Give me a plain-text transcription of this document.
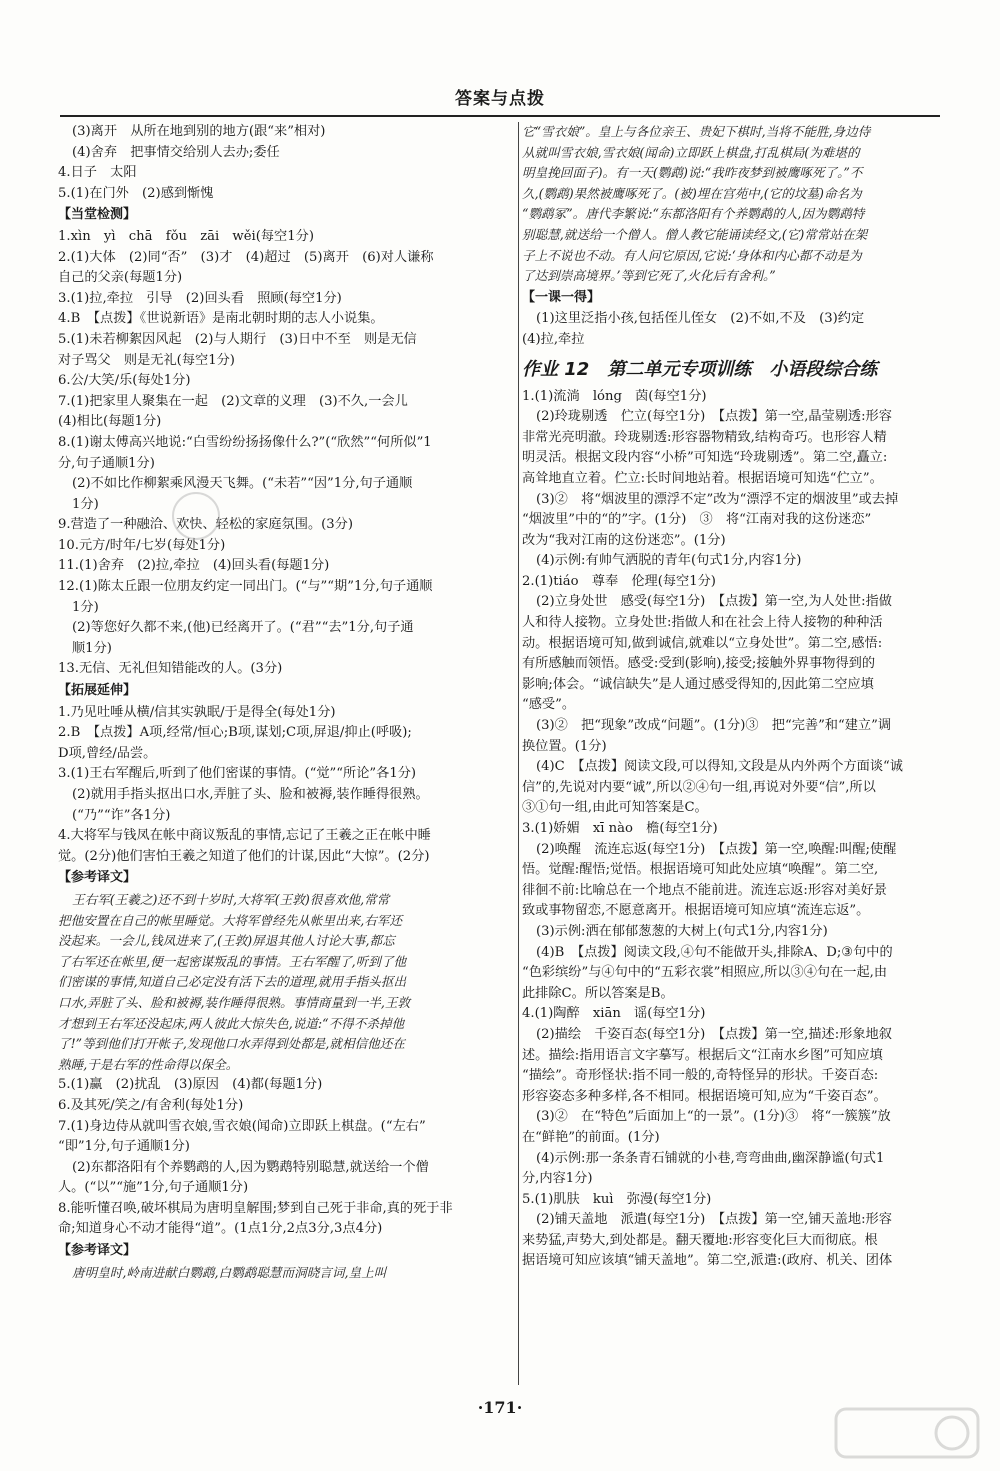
答案与点拨
(3)离开　从所在地到别的地方(跟“来”相对)
(4)舍弃　把事情交给别人去办;委任
4.日子　太阳
5.(1)在门外　(2)感到惭愧
【当堂检测】
1.xìn　yì　chā　fǒu　zāi　wěi(每空1分)
2.(1)大体　(2)同“否”　(3)才　(4)超过　(5)离开　(6)对人谦称
自己的父亲(每题1分)
3.(1)拉,牵拉　引导　(2)回头看　照顾(每空1分)
4.B　【点拨】《世说新语》是南北朝时期的志人小说集。
5.(1)未若柳絮因风起　(2)与人期行　(3)日中不至　则是无信
对子骂父　则是无礼(每空1分)
6.公/大笑/乐(每处1分)
7.(1)把家里人聚集在一起　(2)文章的义理　(3)不久,一会儿
(4)相比(每题1分)
8.(1)谢太傅高兴地说:“白雪纷纷扬扬像什么?”(“欣然”“何所似”1
分,句子通顺1分)
(2)不如比作柳絮乘风漫天飞舞。(“未若”“因”1分,句子通顺
1分)
9.营造了一种融洽、欢快、轻松的家庭氛围。(3分)
10.元方/时年/七岁(每处1分)
11.(1)舍弃　(2)拉,牵拉　(4)回头看(每题1分)
12.(1)陈太丘跟一位朋友约定一同出门。(“与”“期”1分,句子通顺
1分)
(2)等您好久都不来,(他)已经离开了。(“君”“去”1分,句子通
顺1分)
13.无信、无礼但知错能改的人。(3分)
【拓展延伸】
1.乃见吐唾从横/信其实孰眠/于是得全(每处1分)
2.B　【点拨】A项,经常/恒心;B项,谋划;C项,屏退/抑止(呼吸);
D项,曾经/品尝。
3.(1)王右军醒后,听到了他们密谋的事情。(“觉”“所论”各1分)
(2)就用手指头抠出口水,弄脏了头、脸和被褥,装作睡得很熟。
(“乃”“诈”各1分)
4.大将军与钱凤在帐中商议叛乱的事情,忘记了王羲之正在帐中睡
觉。(2分)他们害怕王羲之知道了他们的计谋,因此“大惊”。(2分)
【参考译文】
王右军(王羲之)还不到十岁时,大将军(王敦)很喜欢他,常常
把他安置在自己的帐里睡觉。大将军曾经先从帐里出来,右军还
没起来。一会儿,钱凤进来了,(王敦)屏退其他人讨论大事,都忘
了右军还在帐里,便一起密谋叛乱的事情。王右军醒了,听到了他
们密谋的事情,知道自己必定没有活下去的道理,就用手指头抠出
口水,弄脏了头、脸和被褥,装作睡得很熟。事情商量到一半,王敦
才想到王右军还没起床,两人彼此大惊失色,说道:“不得不杀掉他
了!”等到他们打开帐子,发现他口水弄得到处都是,就相信他还在
熟睡,于是右军的性命得以保全。
5.(1)赢　(2)扰乱　(3)原因　(4)都(每题1分)
6.及其死/笑之/有舍利(每处1分)
7.(1)身边侍从就叫雪衣娘,雪衣娘(闻命)立即跃上棋盘。(“左右”
“即”1分,句子通顺1分)
(2)东都洛阳有个养鹦鹉的人,因为鹦鹉特别聪慧,就送给一个僧
人。(“以”“施”1分,句子通顺1分)
8.能听懂召唤,破坏棋局为唐明皇解围;梦到自己死于非命,真的死于非
命;知道身心不动才能得“道”。(1点1分,2点3分,3点4分)
【参考译文】
唐明皇时,岭南进献白鹦鹉,白鹦鹉聪慧而洞晓言词,皇上叫
它“雪衣娘”。皇上与各位亲王、贵妃下棋时,当将不能胜,身边侍
从就叫雪衣娘,雪衣娘(闻命)立即跃上棋盘,打乱棋局(为难堪的
明皇挽回面子)。有一天(鹦鹉)说:“我昨夜梦到被鹰啄死了。”不
久,(鹦鹉)果然被鹰啄死了。(被)埋在宫苑中,(它的坟墓)命名为
“鹦鹉冢”。唐代李繁说:“东都洛阳有个养鹦鹉的人,因为鹦鹉特
别聪慧,就送给一个僧人。僧人教它能诵读经文,(它)常常站在架
子上不说也不动。有人问它原因,它说:‘身体和内心都不动是为
了达到崇高境界。’等到它死了,火化后有舍利。”
【一课一得】
(1)这里泛指小孩,包括侄儿侄女　(2)不如,不及　(3)约定
(4)拉,牵拉
作业 12　第二单元专项训练　小语段综合练
1.(1)流淌　lóng　茵(每空1分)
(2)玲珑剔透　伫立(每空1分)　【点拨】第一空,晶莹剔透:形容
非常光亮明澈。玲珑剔透:形容器物精致,结构奇巧。也形容人精
明灵活。根据文段内容“小桥”可知选“玲珑剔透”。第二空,矗立:
高耸地直立着。伫立:长时间地站着。根据语境可知选“伫立”。
(3)②　将“烟波里的漂浮不定”改为“漂浮不定的烟波里”或去掉
“烟波里”中的“的”字。(1分)　③　将“江南对我的这份迷恋”
改为“我对江南的这份迷恋”。(1分)
(4)示例:有帅气洒脱的青年(句式1分,内容1分)
2.(1)tiáo　尊奉　伦理(每空1分)
(2)立身处世　感受(每空1分)　【点拨】第一空,为人处世:指做
人和待人接物。立身处世:指做人和在社会上待人接物的种种活
动。根据语境可知,做到诚信,就难以“立身处世”。第二空,感悟:
有所感触而领悟。感受:受到(影响),接受;接触外界事物得到的
影响;体会。“诚信缺失”是人通过感受得知的,因此第二空应填
“感受”。
(3)②　把“现象”改成“问题”。(1分)③　把“完善”和“建立”调
换位置。(1分)
(4)C　【点拨】阅读文段,可以得知,文段是从内外两个方面谈“诚
信”的,先说对内要“诚”,所以②④句一组,再说对外要“信”,所以
③①句一组,由此可知答案是C。
3.(1)娇媚　xī nào　檐(每空1分)
(2)唤醒　流连忘返(每空1分)　【点拨】第一空,唤醒:叫醒;使醒
悟。觉醒:醒悟;觉悟。根据语境可知此处应填“唤醒”。第二空,
徘徊不前:比喻总在一个地点不能前进。流连忘返:形容对美好景
致或事物留恋,不愿意离开。根据语境可知应填“流连忘返”。
(3)示例:洒在郁郁葱葱的大树上(句式1分,内容1分)
(4)B　【点拨】阅读文段,④句不能做开头,排除A、D;③句中的
“色彩缤纷”与④句中的“五彩衣裳”相照应,所以③④句在一起,由
此排除C。所以答案是B。
4.(1)陶醉　xiān　谣(每空1分)
(2)描绘　千姿百态(每空1分)　【点拨】第一空,描述:形象地叙
述。描绘:指用语言文字摹写。根据后文“江南水乡图”可知应填
“描绘”。奇形怪状:指不同一般的,奇特怪异的形状。千姿百态:
形容姿态多种多样,各不相同。根据语境可知,应为“千姿百态”。
(3)②　在“特色”后面加上“的一景”。(1分)③　将“一簇簇”放
在“鲜艳”的前面。(1分)
(4)示例:那一条条青石铺就的小巷,弯弯曲曲,幽深静谧(句式1
分,内容1分)
5.(1)肌肤　kuì　弥漫(每空1分)
(2)铺天盖地　派遣(每空1分)　【点拨】第一空,铺天盖地:形容
来势猛,声势大,到处都是。翻天覆地:形容变化巨大而彻底。根
据语境可知应该填“铺天盖地”。第二空,派遣:(政府、机关、团体
·171·
